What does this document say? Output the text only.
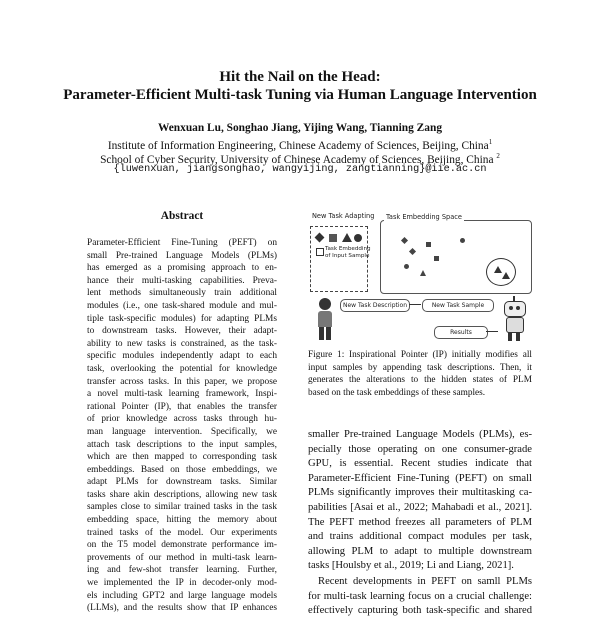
Hit the Nail on the Head:
Parameter-Efficient Multi-task Tuning via Human Language Intervention
Wenxuan Lu, Songhao Jiang, Yijing Wang, Tianning Zang
Institute of Information Engineering, Chinese Academy of Sciences, Beijing, China$^1$
School of Cyber Security, University of Chinese Academy of Sciences, Beijing, China $^2$
{luwenxuan, jiangsonghao, wangyijing, zangtianning}@iie.ac.cn
Abstract
Parameter-Efficient Fine-Tuning (PEFT) on
small Pre-trained Language Models (PLMs)
has emerged as a promising approach to en-
hance their multi-tasking capabilities. Preva-
lent methods simultaneously train additional
modules (i.e., one task-shared module and mul-
tiple task-specific modules) for adapting PLMs
to downstream tasks. However, their adapt-
ability to new tasks is constrained, as the task-
specific modules independently adapt to each
task, overlooking the potential for knowledge
transfer across tasks. In this paper, we propose
a novel multi-task learning framework, Inspi-
rational Pointer (IP), that enables the transfer
of prior knowledge across tasks through hu-
man language intervention. Specifically, we
attach task descriptions to the input samples,
which are then mapped to corresponding task
embeddings. Based on those embeddings, we
adapt PLMs for downstream tasks. Similar
tasks share akin descriptions, allowing new task
samples close to similar trained tasks in the task
embedding space, hitting the memory about
trained tasks of the model. Our experiments
on the T5 model demonstrate performance im-
provements of our method in multi-task learn-
ing and few-shot transfer learning. Further,
we implemented the IP in decoder-only mod-
els including GPT2 and large language models
(LLMs), and the results show that IP enhances
New Task Adapting
Task Embedding
of Input Sample
Task Embedding Space
New Task Description	New Task Sample
Results
Figure 1: Inspirational Pointer (IP) initially modifies all
input samples by appending task descriptions. Then, it
generates the alterations to the hidden states of PLM
based on the task embeddings of these samples.
smaller Pre-trained Language Models (PLMs), es-
pecially those operating on one consumer-grade
GPU, is essential. Recent studies indicate that
Parameter-Efficient Fine-Tuning (PEFT) on small
PLMs significantly improves their multitasking ca-
pabilities [Asai et al., 2022; Mahabadi et al., 2021].
The PEFT method freezes all parameters of PLM
and trains additional compact modules per task,
allowing PLM to adapt to multiple downstream
tasks [Houlsby et al., 2019; Li and Liang, 2021].
Recent developments in PEFT on samll PLMs
for multi-task learning focus on a crucial challenge:
effectively capturing both task-specific and shared
